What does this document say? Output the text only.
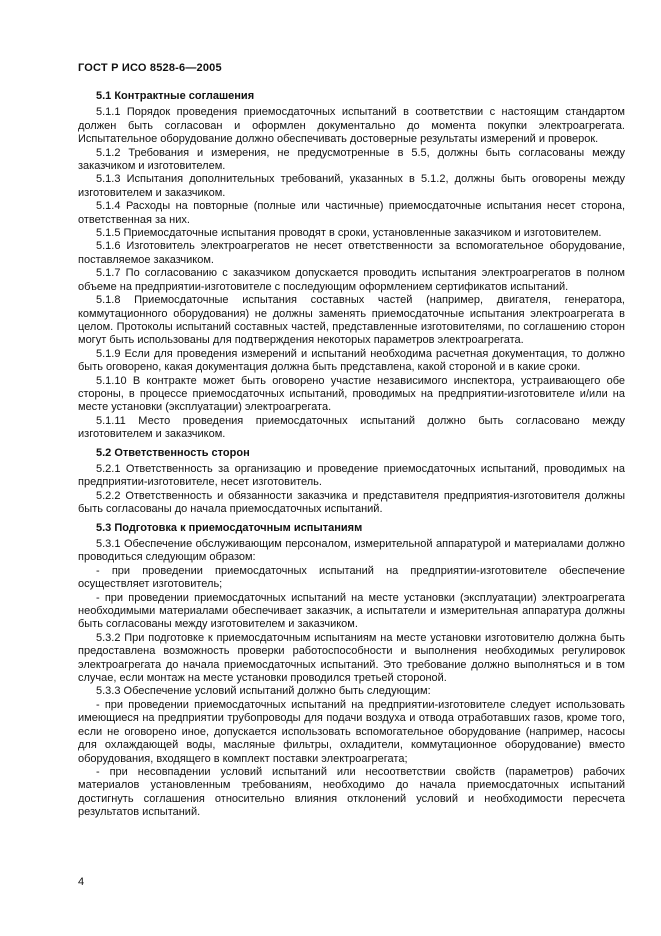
ГОСТ Р ИСО 8528-6—2005

5.1 Контрактные соглашения

5.1.1 Порядок проведения приемосдаточных испытаний в соответствии с настоящим стандартом должен быть согласован и оформлен документально до момента покупки электроагрегата. Испытательное оборудование должно обеспечивать достоверные результаты измерений и проверок.

5.1.2 Требования и измерения, не предусмотренные в 5.5, должны быть согласованы между заказчиком и изготовителем.

5.1.3 Испытания дополнительных требований, указанных в 5.1.2, должны быть оговорены между изготовителем и заказчиком.

5.1.4 Расходы на повторные (полные или частичные) приемосдаточные испытания несет сторона, ответственная за них.

5.1.5 Приемосдаточные испытания проводят в сроки, установленные заказчиком и изготовителем.

5.1.6 Изготовитель электроагрегатов не несет ответственности за вспомогательное оборудование, поставляемое заказчиком.

5.1.7 По согласованию с заказчиком допускается проводить испытания электроагрегатов в полном объеме на предприятии-изготовителе с последующим оформлением сертификатов испытаний.

5.1.8 Приемосдаточные испытания составных частей (например, двигателя, генератора, коммутационного оборудования) не должны заменять приемосдаточные испытания электроагрегата в целом. Протоколы испытаний составных частей, представленные изготовителями, по соглашению сторон могут быть использованы для подтверждения некоторых параметров электроагрегата.

5.1.9 Если для проведения измерений и испытаний необходима расчетная документация, то должно быть оговорено, какая документация должна быть представлена, какой стороной и в какие сроки.

5.1.10 В контракте может быть оговорено участие независимого инспектора, устраивающего обе стороны, в процессе приемосдаточных испытаний, проводимых на предприятии-изготовителе и/или на месте установки (эксплуатации) электроагрегата.

5.1.11 Место проведения приемосдаточных испытаний должно быть согласовано между изготовителем и заказчиком.

5.2 Ответственность сторон

5.2.1 Ответственность за организацию и проведение приемосдаточных испытаний, проводимых на предприятии-изготовителе, несет изготовитель.

5.2.2 Ответственность и обязанности заказчика и представителя предприятия-изготовителя должны быть согласованы до начала приемосдаточных испытаний.

5.3 Подготовка к приемосдаточным испытаниям

5.3.1 Обеспечение обслуживающим персоналом, измерительной аппаратурой и материалами должно проводиться следующим образом:

- при проведении приемосдаточных испытаний на предприятии-изготовителе обеспечение осуществляет изготовитель;

- при проведении приемосдаточных испытаний на месте установки (эксплуатации) электроагрегата необходимыми материалами обеспечивает заказчик, а испытатели и измерительная аппаратура должны быть согласованы между изготовителем и заказчиком.

5.3.2 При подготовке к приемосдаточным испытаниям на месте установки изготовителю должна быть предоставлена возможность проверки работоспособности и выполнения необходимых регулировок электроагрегата до начала приемосдаточных испытаний. Это требование должно выполняться и в том случае, если монтаж на месте установки проводился третьей стороной.

5.3.3 Обеспечение условий испытаний должно быть следующим:

- при проведении приемосдаточных испытаний на предприятии-изготовителе следует использовать имеющиеся на предприятии трубопроводы для подачи воздуха и отвода отработавших газов, кроме того, если не оговорено иное, допускается использовать вспомогательное оборудование (например, насосы для охлаждающей воды, масляные фильтры, охладители, коммутационное оборудование) вместо оборудования, входящего в комплект поставки электроагрегата;

- при несовпадении условий испытаний или несоответствии свойств (параметров) рабочих материалов установленным требованиям, необходимо до начала приемосдаточных испытаний достигнуть соглашения относительно влияния отклонений условий и необходимости пересчета результатов испытаний.

4
